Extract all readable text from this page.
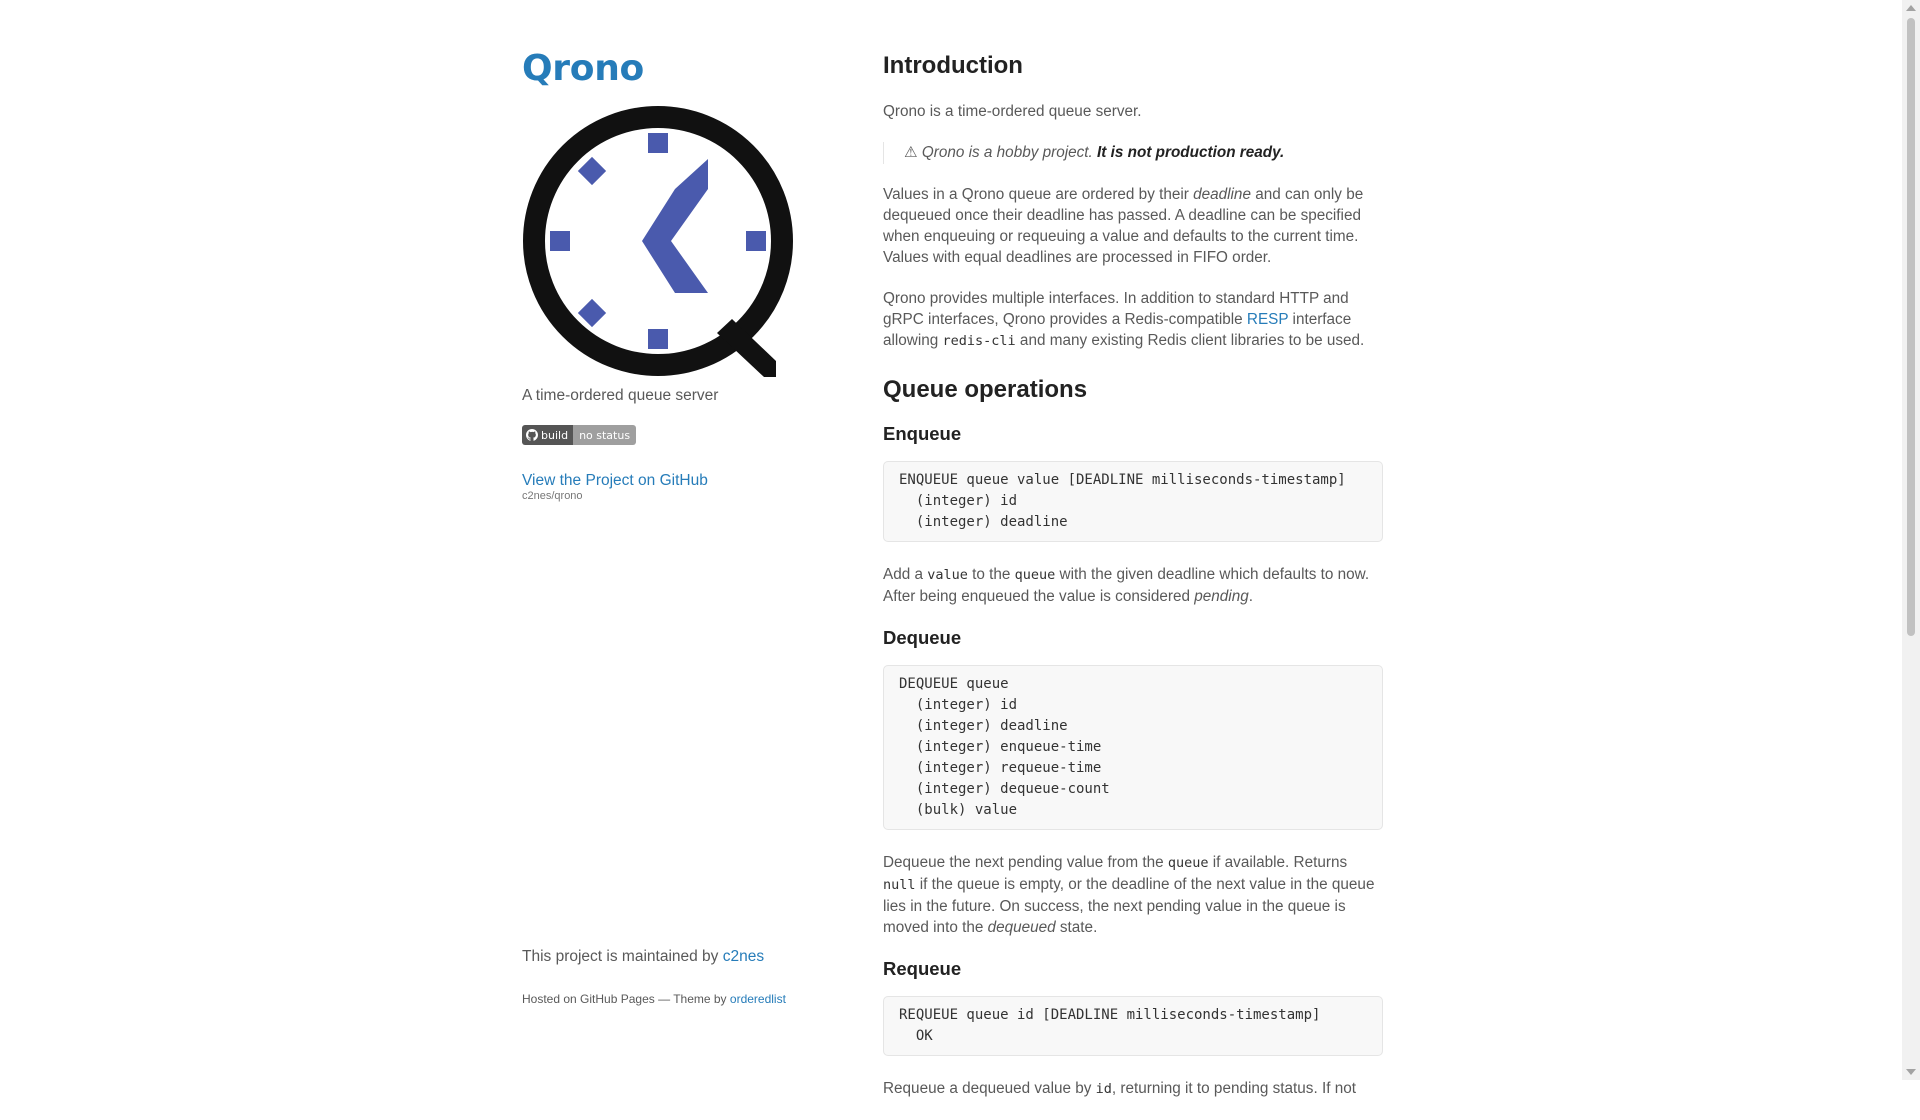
Qrono
A time-ordered queue server
build	no status
View the Project on GitHub
c2nes/qrono
This project is maintained by c2nes
Hosted on GitHub Pages — Theme by orderedlist
Introduction

Qrono is a time-ordered queue server.

⚠ Qrono is a hobby project. It is not production ready.

Values in a Qrono queue are ordered by their deadline and can only be dequeued once their deadline has passed. A deadline can be specified when enqueuing or requeuing a value and defaults to the current time. Values with equal deadlines are processed in FIFO order.

Qrono provides multiple interfaces. In addition to standard HTTP and gRPC interfaces, Qrono provides a Redis-compatible RESP interface allowing redis-cli and many existing Redis client libraries to be used.

Queue operations
Enqueue
ENQUEUE queue value [DEADLINE milliseconds-timestamp]
(integer) id
(integer) deadline

Add a value to the queue with the given deadline which defaults to now. After being enqueued the value is considered pending.

Dequeue
DEQUEUE queue
(integer) id
(integer) deadline
(integer) enqueue-time
(integer) requeue-time
(integer) dequeue-count
(bulk) value

Dequeue the next pending value from the queue if available. Returns null if the queue is empty, or the deadline of the next value in the queue lies in the future. On success, the next pending value in the queue is moved into the dequeued state.

Requeue
REQUEUE queue id [DEADLINE milliseconds-timestamp]
OK

Requeue a dequeued value by id, returning it to pending status. If not
